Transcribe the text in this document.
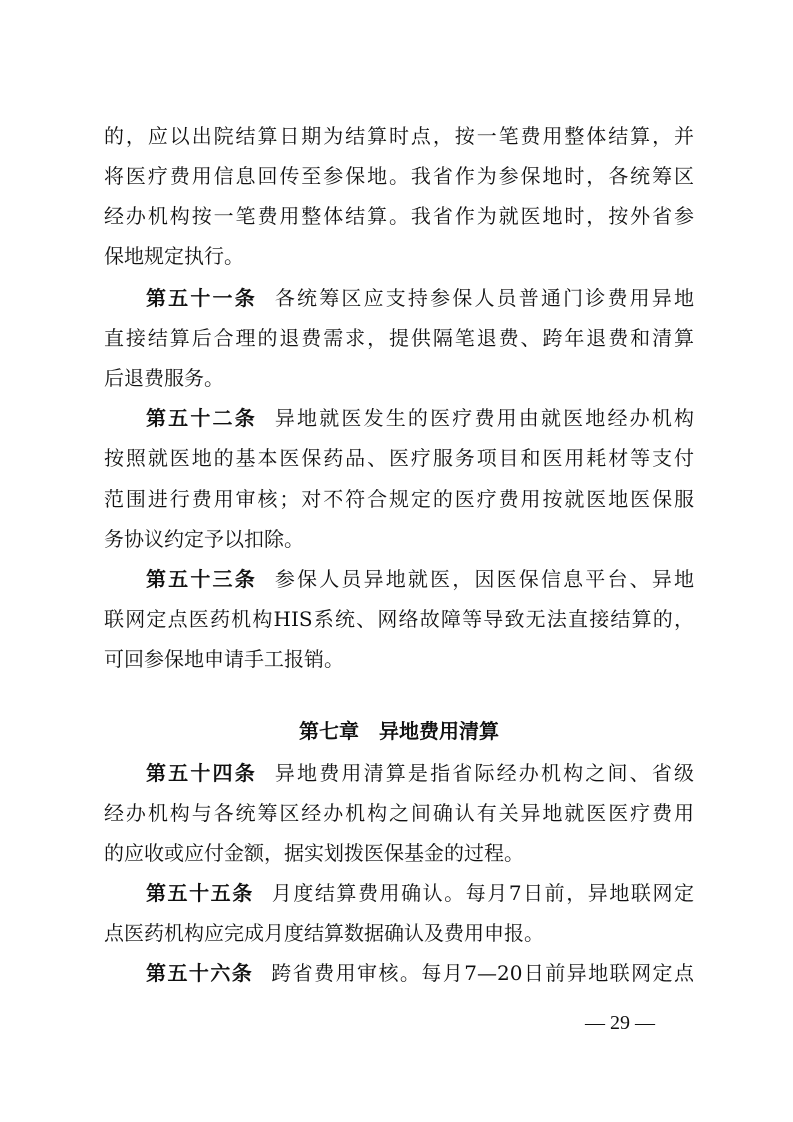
的，应以出院结算日期为结算时点，按一笔费用整体结算，并
将医疗费用信息回传至参保地。我省作为参保地时，各统筹区
经办机构按一笔费用整体结算。我省作为就医地时，按外省参
保地规定执行。
第五十一条 各统筹区应支持参保人员普通门诊费用异地
直接结算后合理的退费需求，提供隔笔退费、跨年退费和清算
后退费服务。
第五十二条 异地就医发生的医疗费用由就医地经办机构
按照就医地的基本医保药品、医疗服务项目和医用耗材等支付
范围进行费用审核；对不符合规定的医疗费用按就医地医保服
务协议约定予以扣除。
第五十三条 参保人员异地就医，因医保信息平台、异地
联网定点医药机构HIS系统、网络故障等导致无法直接结算的，
可回参保地申请手工报销。
第七章　异地费用清算
第五十四条 异地费用清算是指省际经办机构之间、省级
经办机构与各统筹区经办机构之间确认有关异地就医医疗费用
的应收或应付金额，据实划拨医保基金的过程。
第五十五条 月度结算费用确认。每月7日前，异地联网定
点医药机构应完成月度结算数据确认及费用申报。
第五十六条 跨省费用审核。每月7—20日前异地联网定点
— 29 —
